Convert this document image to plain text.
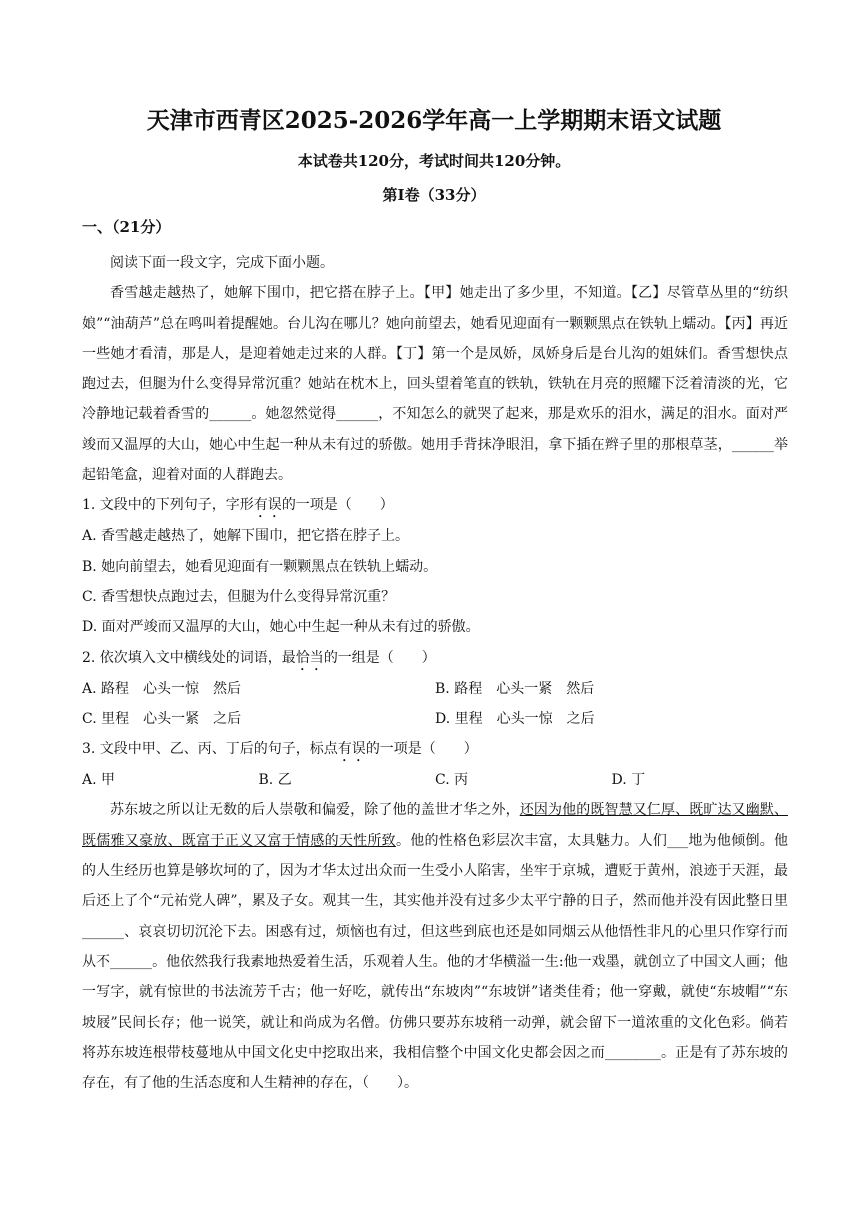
天津市西青区2025-2026学年高一上学期期末语文试题
本试卷共120分，考试时间共120分钟。
第Ⅰ卷（33分）
一、（21分）

阅读下面一段文字，完成下面小题。

香雪越走越热了，她解下围巾，把它搭在脖子上。【甲】她走出了多少里，不知道。【乙】尽管草丛里的“纺织娘”“油葫芦”总在鸣叫着提醒她。台儿沟在哪儿？她向前望去，她看见迎面有一颗颗黑点在铁轨上蠕动。【丙】再近一些她才看清，那是人，是迎着她走过来的人群。【丁】第一个是凤娇，凤娇身后是台儿沟的姐妹们。香雪想快点跑过去，但腿为什么变得异常沉重？她站在枕木上，回头望着笔直的铁轨，铁轨在月亮的照耀下泛着清淡的光，它冷静地记载着香雪的______。她忽然觉得______，不知怎么的就哭了起来，那是欢乐的泪水，满足的泪水。面对严竣而又温厚的大山，她心中生起一种从未有过的骄傲。她用手背抹净眼泪，拿下插在辫子里的那根草茎，______举起铅笔盒，迎着对面的人群跑去。

1. 文段中的下列句子，字形有误的一项是（　　）

A. 香雪越走越热了，她解下围巾，把它搭在脖子上。

B. 她向前望去，她看见迎面有一颗颗黑点在铁轨上蠕动。

C. 香雪想快点跑过去，但腿为什么变得异常沉重？

D. 面对严竣而又温厚的大山，她心中生起一种从未有过的骄傲。

2. 依次填入文中横线处的词语，最恰当的一组是（　　）

A. 路程　心头一惊　然后	B. 路程　心头一紧　然后
C. 里程　心头一紧　之后	D. 里程　心头一惊　之后

3. 文段中甲、乙、丙、丁后的句子，标点有误的一项是（　　）

A. 甲	B. 乙	C. 丙	D. 丁

苏东坡之所以让无数的后人崇敬和偏爱，除了他的盖世才华之外，还因为他的既智慧又仁厚、既旷达又幽默、既儒雅又豪放、既富于正义又富于情感的天性所致。他的性格色彩层次丰富，太具魅力。人们___地为他倾倒。他的人生经历也算是够坎坷的了，因为才华太过出众而一生受小人陷害，坐牢于京城，遭贬于黄州，浪迹于天涯，最后还上了个“元祐党人碑”，累及子女。观其一生，其实他并没有过多少太平宁静的日子，然而他并没有因此整日里______、哀哀切切沉沦下去。困惑有过，烦恼也有过，但这些到底也还是如同烟云从他悟性非凡的心里只作穿行而从不______。他依然我行我素地热爱着生活，乐观着人生。他的才华横溢一生:他一戏墨，就创立了中国文人画；他一写字，就有惊世的书法流芳千古；他一好吃，就传出“东坡肉”“东坡饼”诸类佳肴；他一穿戴，就使“东坡帽”“东坡屐”民间长存；他一说笑，就让和尚成为名僧。仿佛只要苏东坡稍一动弹，就会留下一道浓重的文化色彩。倘若将苏东坡连根带枝蔓地从中国文化史中挖取出来，我相信整个中国文化史都会因之而________。正是有了苏东坡的存在，有了他的生活态度和人生精神的存在，（　　）。
